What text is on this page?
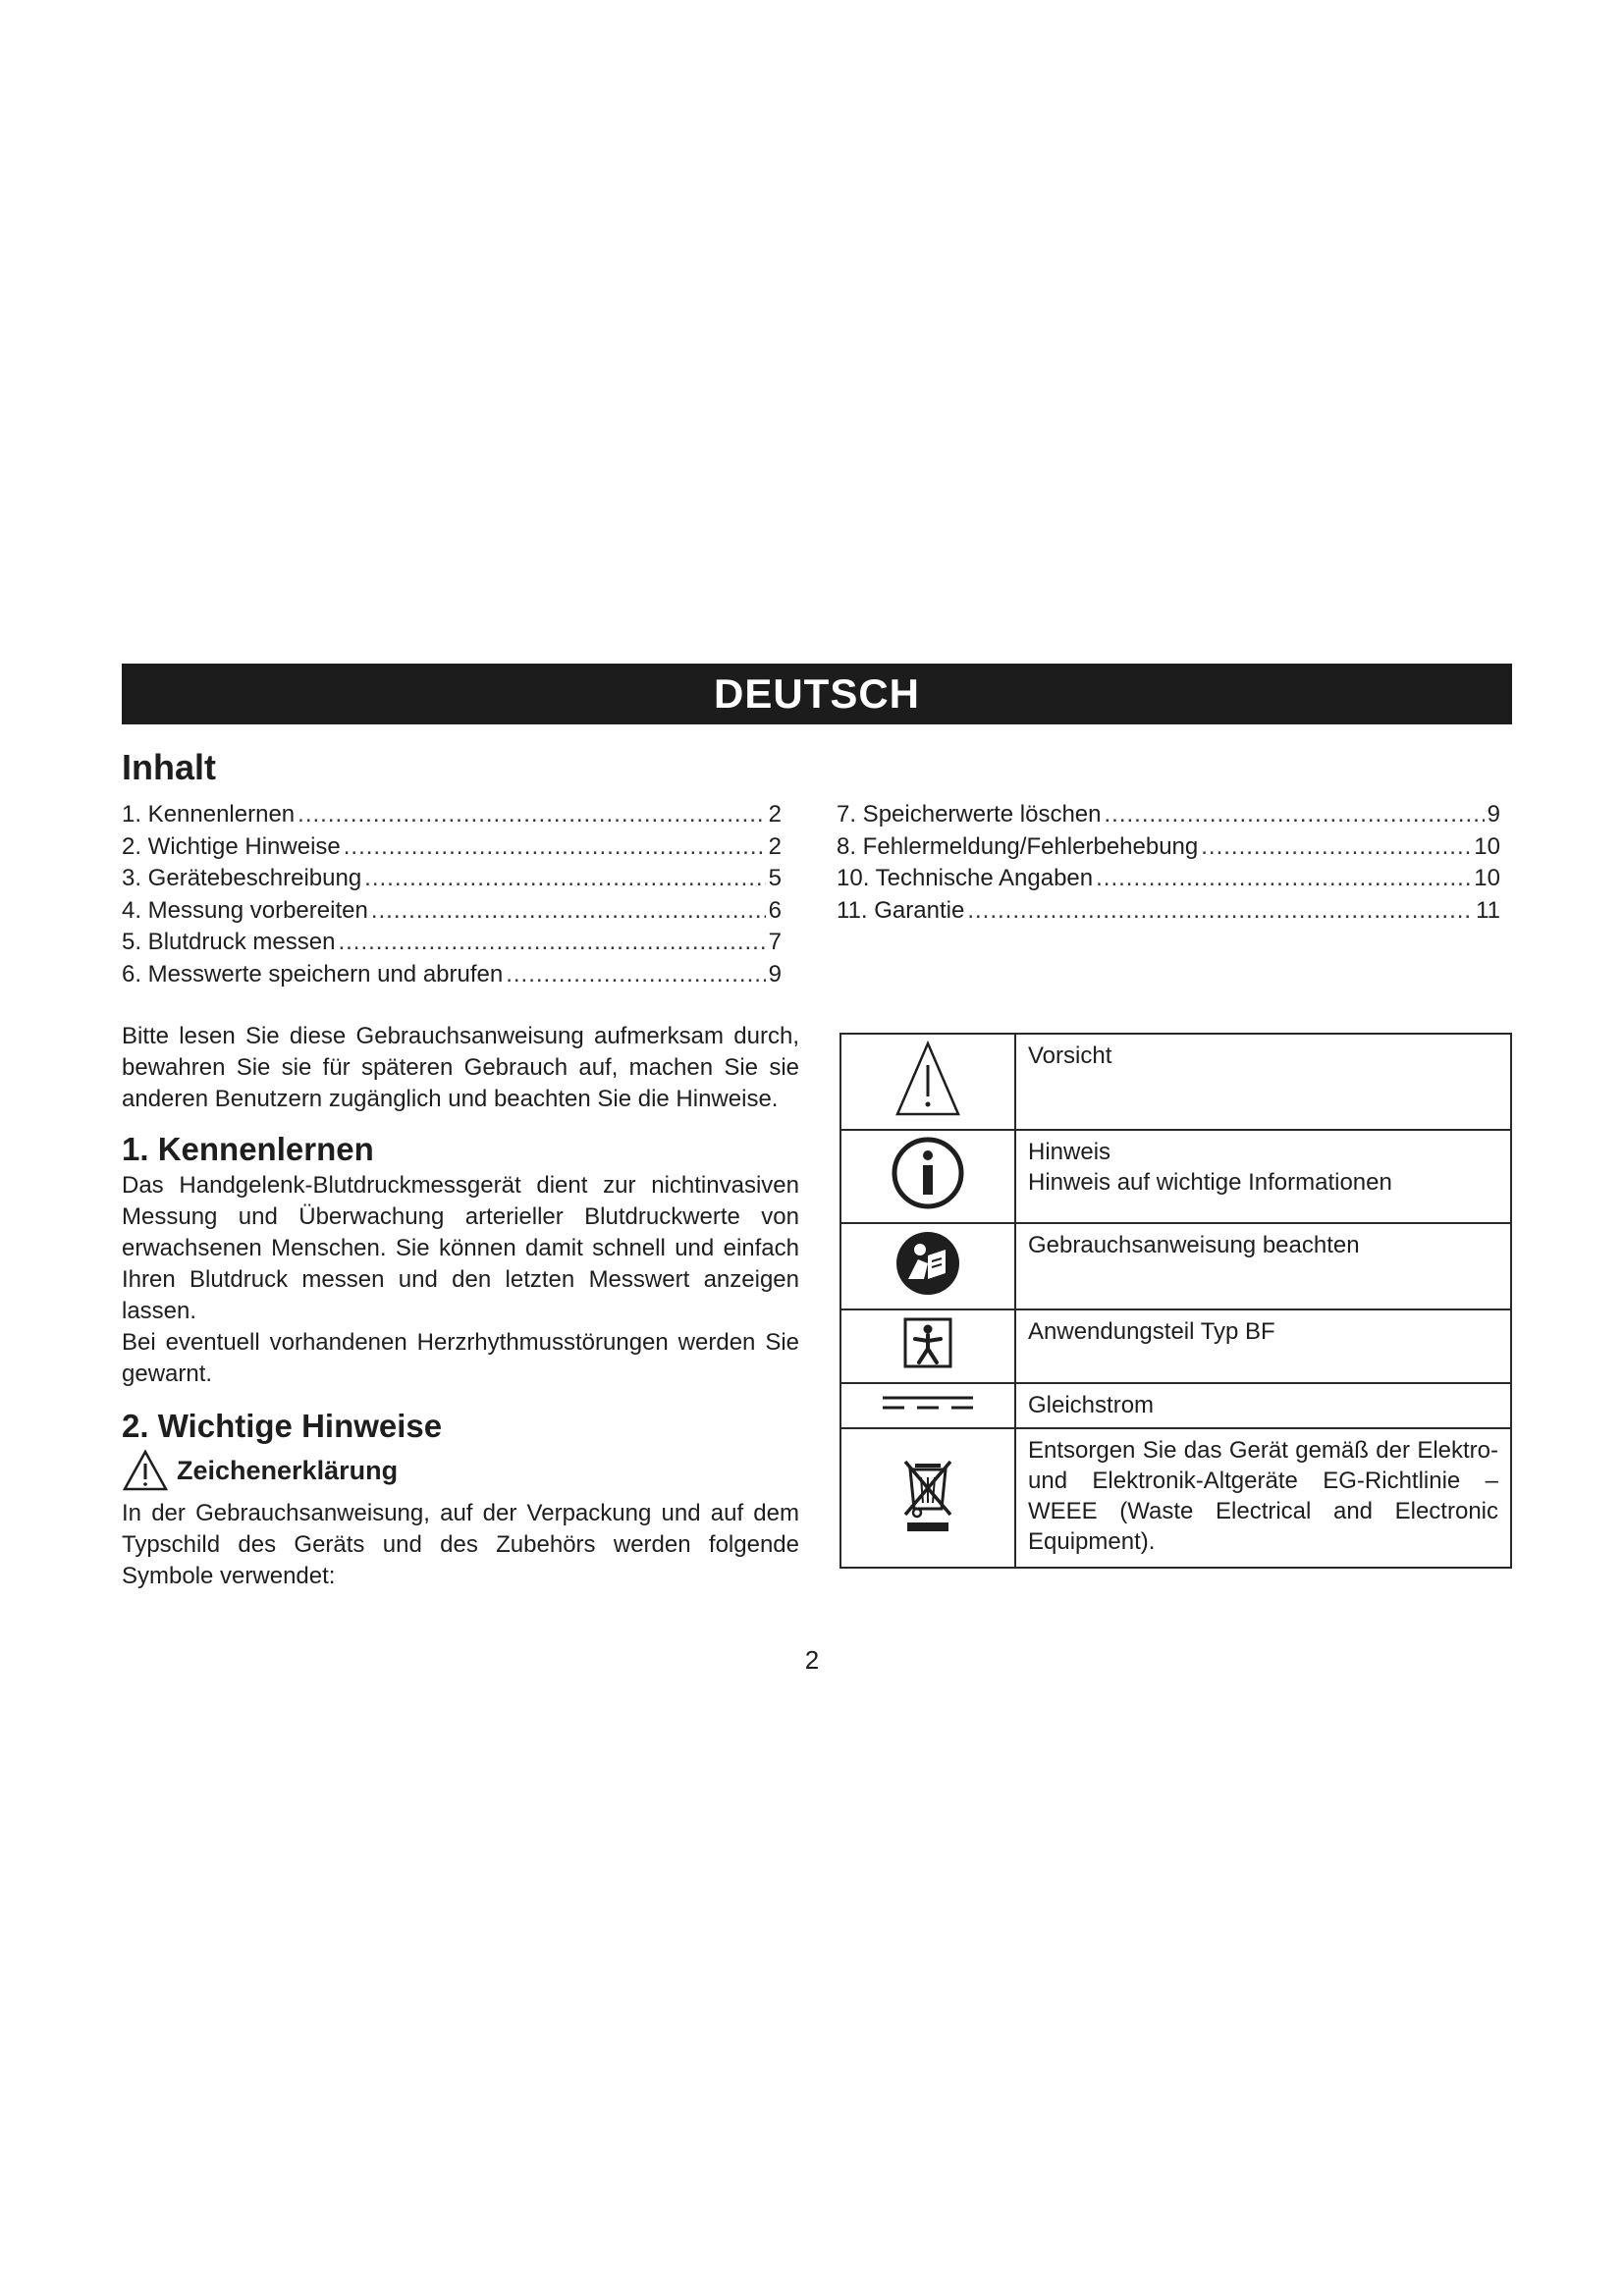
DEUTSCH
Inhalt
1. Kennenlernen .....	2
2. Wichtige Hinweise .....	2
3. Gerätebeschreibung .....	5
4. Messung vorbereiten .....	6
5. Blutdruck messen .....	7
6. Messwerte speichern und abrufen .....	9
7. Speicherwerte löschen .....	9
8. Fehlermeldung/Fehlerbehebung .....	10
10. Technische Angaben .....	10
11. Garantie .....	11

Bitte lesen Sie diese Gebrauchsanweisung aufmerksam durch, bewahren Sie sie für späteren Gebrauch auf, machen Sie sie anderen Benutzern zugänglich und beachten Sie die Hinweise.

1. Kennenlernen

Das Handgelenk-Blutdruckmessgerät dient zur nichtinvasiven Messung und Überwachung arterieller Blutdruckwerte von erwachsenen Menschen. Sie können damit schnell und einfach Ihren Blutdruck messen und den letzten Messwert anzeigen lassen.

Bei eventuell vorhandenen Herzrhythmusstörungen werden Sie gewarnt.

2. Wichtige Hinweise
Zeichenerklärung

In der Gebrauchsanweisung, auf der Verpackung und auf dem Typschild des Geräts und des Zubehörs werden folgende Symbole verwendet:

Vorsicht

Hinweis
Hinweis auf wichtige Informationen

Gebrauchsanweisung beachten

Anwendungsteil Typ BF

Gleichstrom

Entsorgen Sie das Gerät gemäß der Elektro- und Elektronik-Altgeräte EG-Richtlinie – WEEE (Waste Electrical and Electronic Equipment).
2
